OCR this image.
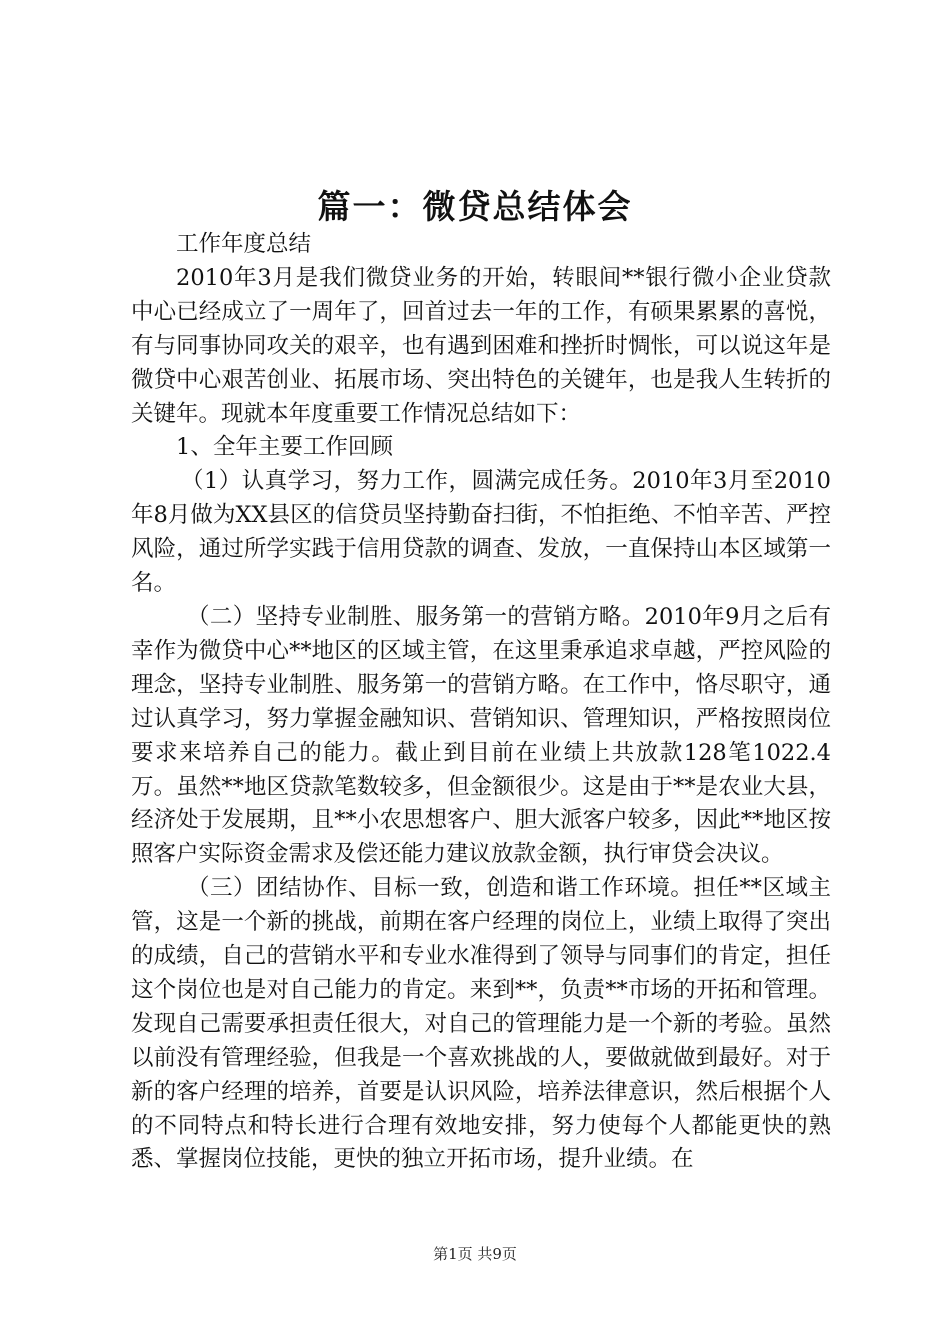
篇一：微贷总结体会

工作年度总结

2010年3月是我们微贷业务的开始，转眼间**银行微小企业贷款中心已经成立了一周年了，回首过去一年的工作，有硕果累累的喜悦，有与同事协同攻关的艰辛，也有遇到困难和挫折时惆怅，可以说这年是微贷中心艰苦创业、拓展市场、突出特色的关键年，也是我人生转折的关键年。现就本年度重要工作情况总结如下：

1、全年主要工作回顾

（1）认真学习，努力工作，圆满完成任务。2010年3月至2010年8月做为XX县区的信贷员坚持勤奋扫街，不怕拒绝、不怕辛苦、严控风险，通过所学实践于信用贷款的调查、发放，一直保持山本区域第一名。

（二）坚持专业制胜、服务第一的营销方略。2010年9月之后有幸作为微贷中心**地区的区域主管，在这里秉承追求卓越，严控风险的理念，坚持专业制胜、服务第一的营销方略。在工作中，恪尽职守，通过认真学习，努力掌握金融知识、营销知识、管理知识，严格按照岗位要求来培养自己的能力。截止到目前在业绩上共放款128笔1022.4万。虽然**地区贷款笔数较多，但金额很少。这是由于**是农业大县，经济处于发展期，且**小农思想客户、胆大派客户较多，因此**地区按照客户实际资金需求及偿还能力建议放款金额，执行审贷会决议。

（三）团结协作、目标一致，创造和谐工作环境。担任**区域主管，这是一个新的挑战，前期在客户经理的岗位上，业绩上取得了突出的成绩，自己的营销水平和专业水准得到了领导与同事们的肯定，担任这个岗位也是对自己能力的肯定。来到**，负责**市场的开拓和管理。发现自己需要承担责任很大，对自己的管理能力是一个新的考验。虽然以前没有管理经验，但我是一个喜欢挑战的人，要做就做到最好。对于新的客户经理的培养，首要是认识风险，培养法律意识，然后根据个人的不同特点和特长进行合理有效地安排，努力使每个人都能更快的熟悉、掌握岗位技能，更快的独立开拓市场，提升业绩。在

第1页 共9页
